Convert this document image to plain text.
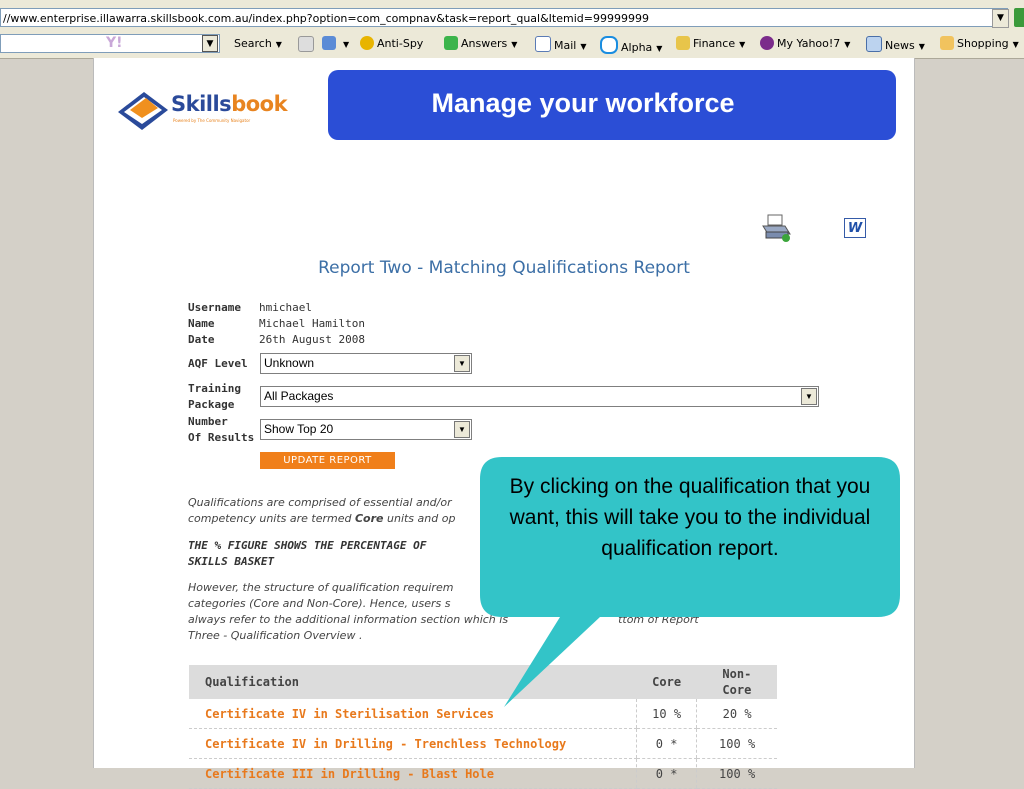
//www.enterprise.illawarra.skillsbook.com.au/index.php?option=com_compnav&task=report_qual&Itemid=99999999	▼
Y!	▼	Search ▼	▼	Anti-Spy	Answers ▼	Mail ▼	Alpha ▼	Finance ▼	My Yahoo!7 ▼	News ▼	Shopping ▼
Skillsbook
Powered by The Community Navigator
Manage your workforce
W
Report Two - Matching Qualifications Report
Username hmichael
Name	Michael Hamilton
Date	26th August 2008
AQF Level	Unknown	▼
Training
Package
All Packages	▼
Number
Of Results
Show Top 20	▼
UPDATE REPORT
Qualifications are comprised of essential and/or
competency units are termed Core units and op
THE % FIGURE SHOWS THE PERCENTAGE OF
SKILLS BASKET
However, the structure of qualification requirem
categories (Core and Non-Core). Hence, users s
always refer to the additional information section which is	ttom of Report
Three - Qualification Overview .
Qualification	Core	Non-
Core

Certificate IV in Sterilisation Services	10 %	20 %
Certificate IV in Drilling - Trenchless Technology	0 *	100 %
Certificate III in Drilling - Blast Hole	0 *	100 %
By clicking on the qualification that you want, this will take you to the individual qualification report.
